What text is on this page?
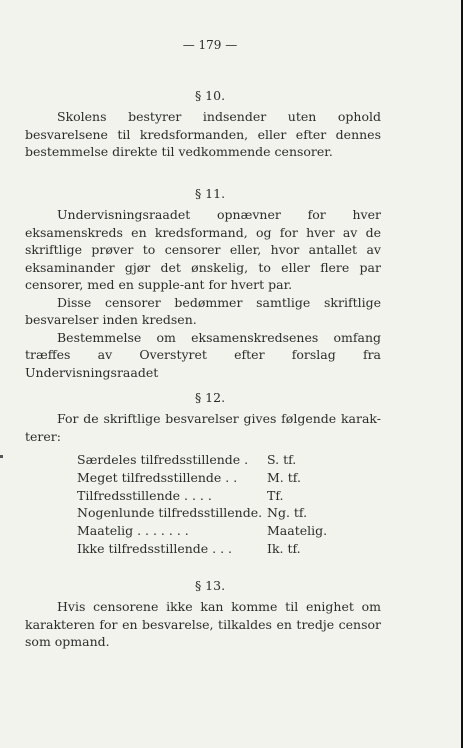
— 179 —
§ 10.

Skolens bestyrer indsender uten ophold besvarelsene til kredsformanden, eller efter dennes bestemmelse direkte til vedkommende censorer.

§ 11.

Undervisningsraadet opnævner for hver eksamenskreds en kredsformand, og for hver av de skriftlige prøver to censorer eller, hvor antallet av eksaminander gjør det ønskelig, to eller flere par censorer, med en supple-ant for hvert par.

Disse censorer bedømmer samtlige skriftlige besvarelser inden kredsen.

Bestemmelse om eksamenskredsenes omfang træffes av Overstyret efter forslag fra Undervisningsraadet

§ 12.

For de skriftlige besvarelser gives følgende karak-terer:

Særdeles tilfredsstillende .	S. tf.
Meget tilfredsstillende . .	M. tf.
Tilfredsstillende . . . .	Tf.
Nogenlunde tilfredsstillende. Ng. tf.
Maatelig . . . . . . .	Maatelig.
Ikke tilfredsstillende . . .	Ik. tf.
§ 13.

Hvis censorene ikke kan komme til enighet om karakteren for en besvarelse, tilkaldes en tredje censor som opmand.
